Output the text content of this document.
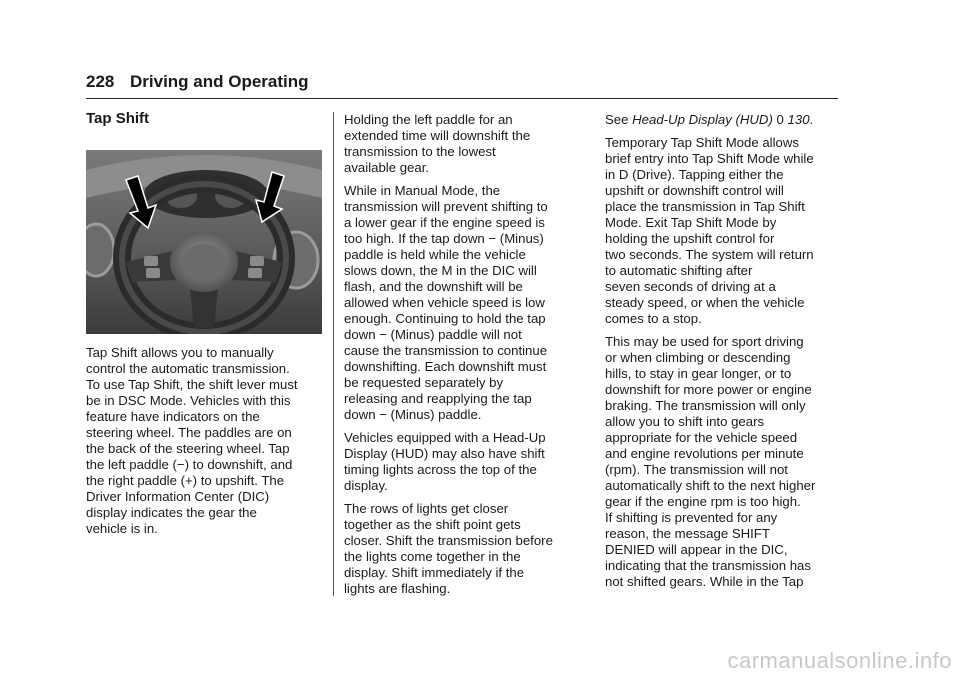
228 Driving and Operating
Tap Shift

Tap Shift allows you to manually
control the automatic transmission.
To use Tap Shift, the shift lever must
be in DSC Mode. Vehicles with this
feature have indicators on the
steering wheel. The paddles are on
the back of the steering wheel. Tap
the left paddle (−) to downshift, and
the right paddle (+) to upshift. The
Driver Information Center (DIC)
display indicates the gear the
vehicle is in.

Holding the left paddle for an
extended time will downshift the
transmission to the lowest
available gear.

While in Manual Mode, the
transmission will prevent shifting to
a lower gear if the engine speed is
too high. If the tap down − (Minus)
paddle is held while the vehicle
slows down, the M in the DIC will
flash, and the downshift will be
allowed when vehicle speed is low
enough. Continuing to hold the tap
down − (Minus) paddle will not
cause the transmission to continue
downshifting. Each downshift must
be requested separately by
releasing and reapplying the tap
down − (Minus) paddle.

Vehicles equipped with a Head-Up
Display (HUD) may also have shift
timing lights across the top of the
display.

The rows of lights get closer
together as the shift point gets
closer. Shift the transmission before
the lights come together in the
display. Shift immediately if the
lights are flashing.

See Head-Up Display (HUD) 0 130.

Temporary Tap Shift Mode allows
brief entry into Tap Shift Mode while
in D (Drive). Tapping either the
upshift or downshift control will
place the transmission in Tap Shift
Mode. Exit Tap Shift Mode by
holding the upshift control for
two seconds. The system will return
to automatic shifting after
seven seconds of driving at a
steady speed, or when the vehicle
comes to a stop.

This may be used for sport driving
or when climbing or descending
hills, to stay in gear longer, or to
downshift for more power or engine
braking. The transmission will only
allow you to shift into gears
appropriate for the vehicle speed
and engine revolutions per minute
(rpm). The transmission will not
automatically shift to the next higher
gear if the engine rpm is too high.
If shifting is prevented for any
reason, the message SHIFT
DENIED will appear in the DIC,
indicating that the transmission has
not shifted gears. While in the Tap

carmanualsonline.info
